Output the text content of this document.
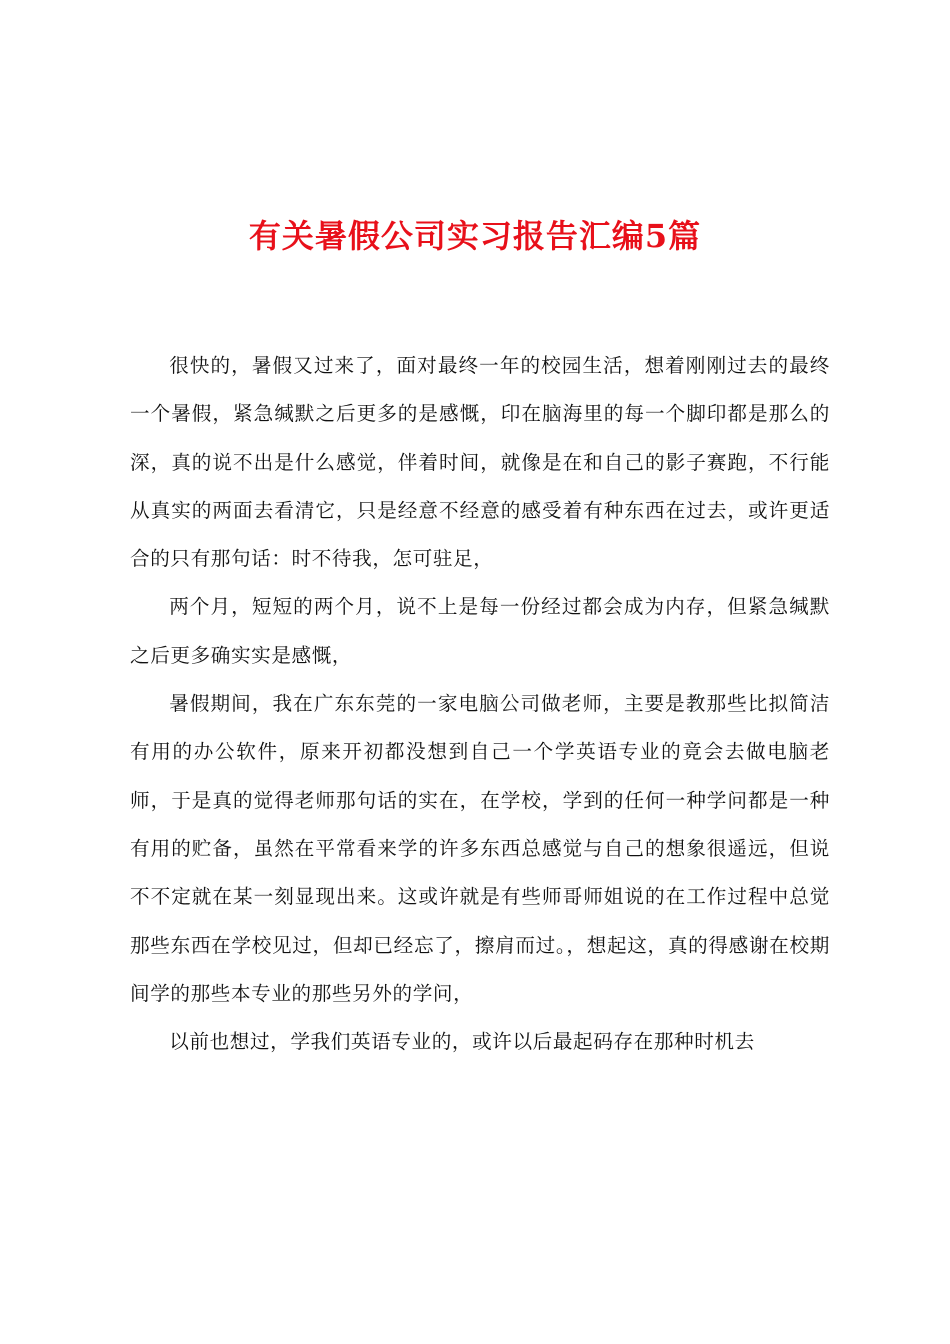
有关暑假公司实习报告汇编5篇

很快的，暑假又过来了，面对最终一年的校园生活，想着刚刚过去的最终一个暑假，紧急缄默之后更多的是感慨，印在脑海里的每一个脚印都是那么的深，真的说不出是什么感觉，伴着时间，就像是在和自己的影子赛跑，不行能从真实的两面去看清它，只是经意不经意的感受着有种东西在过去，或许更适合的只有那句话：时不待我，怎可驻足，

两个月，短短的两个月，说不上是每一份经过都会成为内存，但紧急缄默之后更多确实实是感慨，

暑假期间，我在广东东莞的一家电脑公司做老师，主要是教那些比拟简洁有用的办公软件，原来开初都没想到自己一个学英语专业的竟会去做电脑老师，于是真的觉得老师那句话的实在，在学校，学到的任何一种学问都是一种有用的贮备，虽然在平常看来学的许多东西总感觉与自己的想象很遥远，但说不不定就在某一刻显现出来。这或许就是有些师哥师姐说的在工作过程中总觉那些东西在学校见过，但却已经忘了，擦肩而过。，想起这，真的得感谢在校期间学的那些本专业的那些另外的学问，

以前也想过，学我们英语专业的，或许以后最起码存在那种时机去
